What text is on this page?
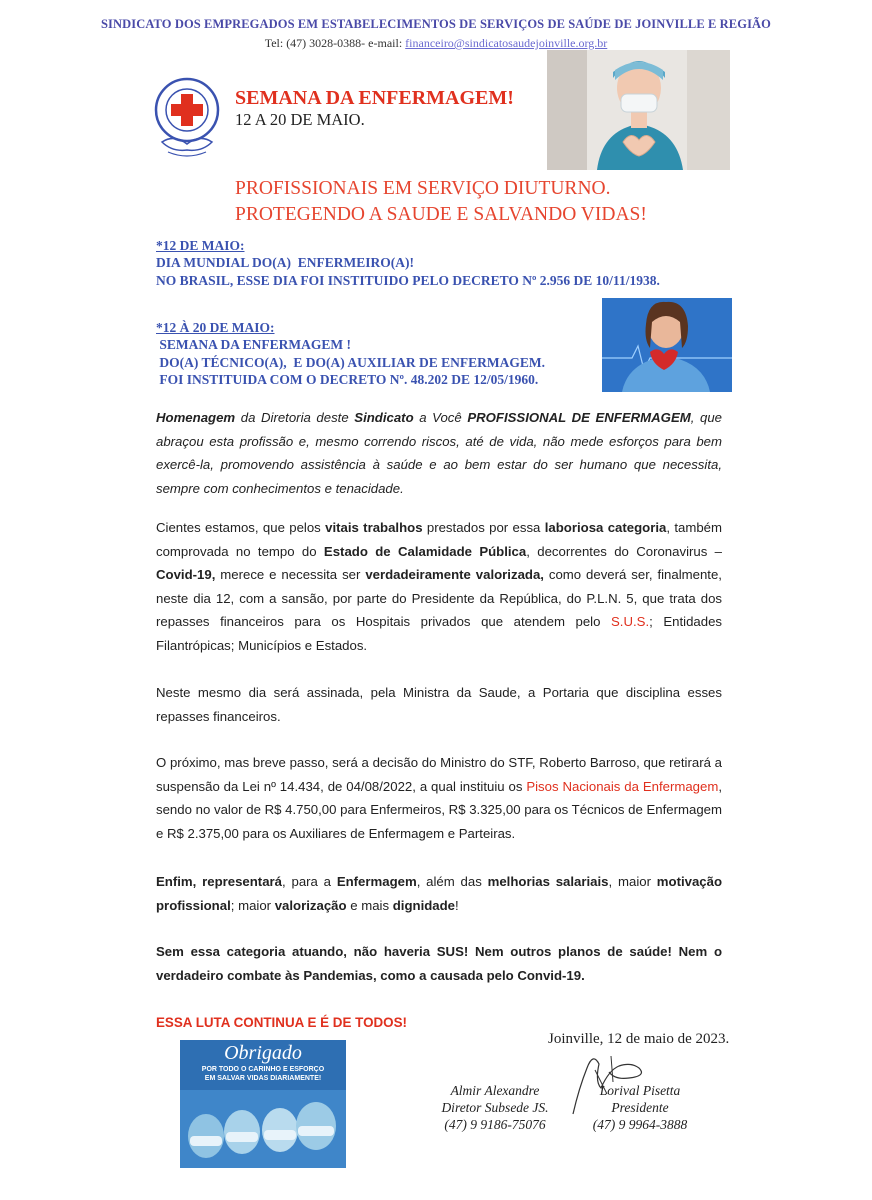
SINDICATO DOS EMPREGADOS EM ESTABELECIMENTOS DE SERVIÇOS DE SAÚDE DE JOINVILLE E REGIÃO
Tel: (47) 3028-0388- e-mail: financeiro@sindicatosaudejoinville.org.br
SEMANA DA ENFERMAGEM!
12 A 20 DE MAIO.
PROFISSIONAIS EM SERVIÇO DIUTURNO.
PROTEGENDO A SAUDE E SALVANDO VIDAS!
*12 DE MAIO:
DIA MUNDIAL DO(A)  ENFERMEIRO(A)!
NO BRASIL, ESSE DIA FOI INSTITUIDO PELO DECRETO Nº 2.956 DE 10/11/1938.
*12 À 20 DE MAIO:
SEMANA DA ENFERMAGEM !
DO(A) TÉCNICO(A),  E DO(A) AUXILIAR DE ENFERMAGEM.
FOI INSTITUIDA COM O DECRETO Nº. 48.202 DE 12/05/1960.
Homenagem da Diretoria deste Sindicato a Você PROFISSIONAL DE ENFERMAGEM, que abraçou esta profissão e, mesmo correndo riscos, até de vida, não mede esforços para bem exercê-la, promovendo assistência à saúde e ao bem estar do ser humano que necessita, sempre com conhecimentos e tenacidade.
Cientes estamos, que pelos vitais trabalhos prestados por essa laboriosa categoria, também comprovada no tempo do Estado de Calamidade Pública, decorrentes do Coronavirus – Covid-19, merece e necessita ser verdadeiramente valorizada, como deverá ser, finalmente, neste dia 12, com a sansão, por parte do Presidente da República, do P.L.N. 5, que trata dos repasses financeiros para os Hospitais privados que atendem pelo S.U.S.; Entidades Filantrópicas; Municípios e Estados.
Neste mesmo dia será assinada, pela Ministra da Saude, a Portaria que disciplina esses repasses financeiros.
O próximo, mas breve passo, será a decisão do Ministro do STF, Roberto Barroso, que retirará a suspensão da Lei nº 14.434, de 04/08/2022, a qual instituiu os Pisos Nacionais da Enfermagem, sendo no valor de R$ 4.750,00 para Enfermeiros, R$ 3.325,00 para os Técnicos de Enfermagem e R$ 2.375,00 para os Auxiliares de Enfermagem e Parteiras.
Enfim, representará, para a Enfermagem, além das melhorias salariais, maior motivação profissional; maior valorização e mais dignidade!
Sem essa categoria atuando, não haveria SUS! Nem outros planos de saúde! Nem o verdadeiro combate às Pandemias, como a causada pelo Convid-19.
ESSA LUTA CONTINUA E É DE TODOS!
Obrigado
POR TODO O CARINHO E ESFORÇO
EM SALVAR VIDAS DIARIAMENTE!
Joinville, 12 de maio de 2023.
Almir Alexandre
Diretor Subsede JS.
(47) 9 9186-75076
Lorival Pisetta
Presidente
(47) 9 9964-3888
